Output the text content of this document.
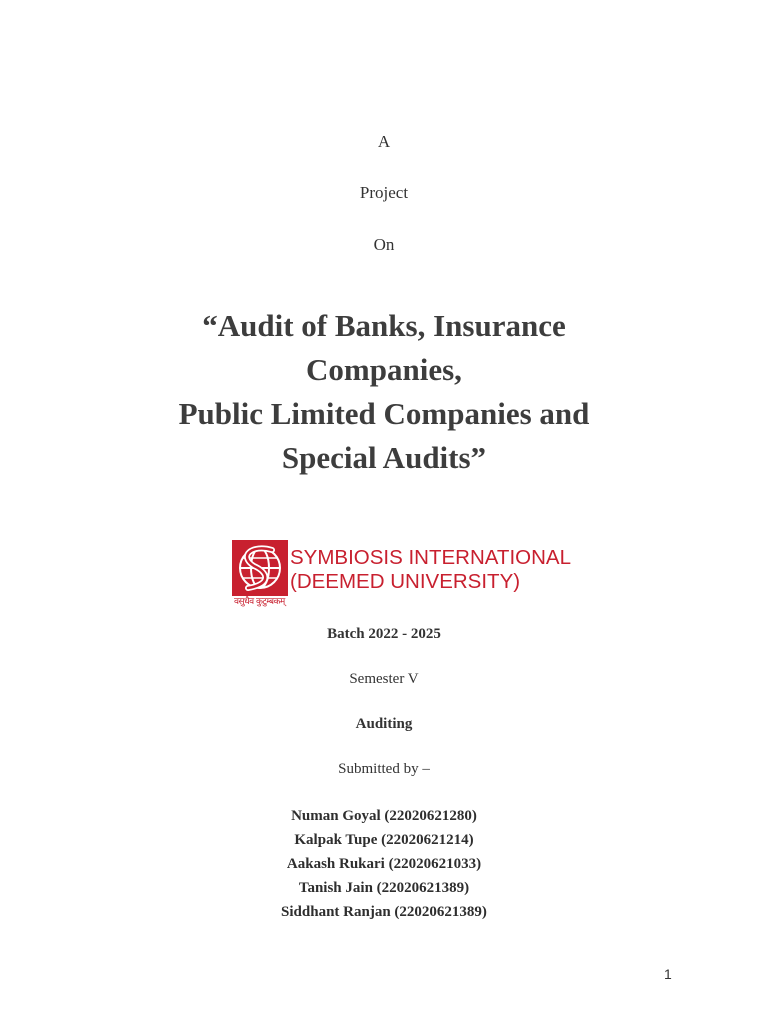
A
Project
On
“Audit of Banks, Insurance
Companies,
Public Limited Companies and
Special Audits”
SYMBIOSIS INTERNATIONAL
(DEEMED UNIVERSITY)
वसुधैव कुटुम्बकम्
Batch 2022 - 2025
Semester V
Auditing
Submitted by –
Numan Goyal (22020621280)
Kalpak Tupe (22020621214)
Aakash Rukari (22020621033)
Tanish Jain (22020621389)
Siddhant Ranjan (22020621389)
1
